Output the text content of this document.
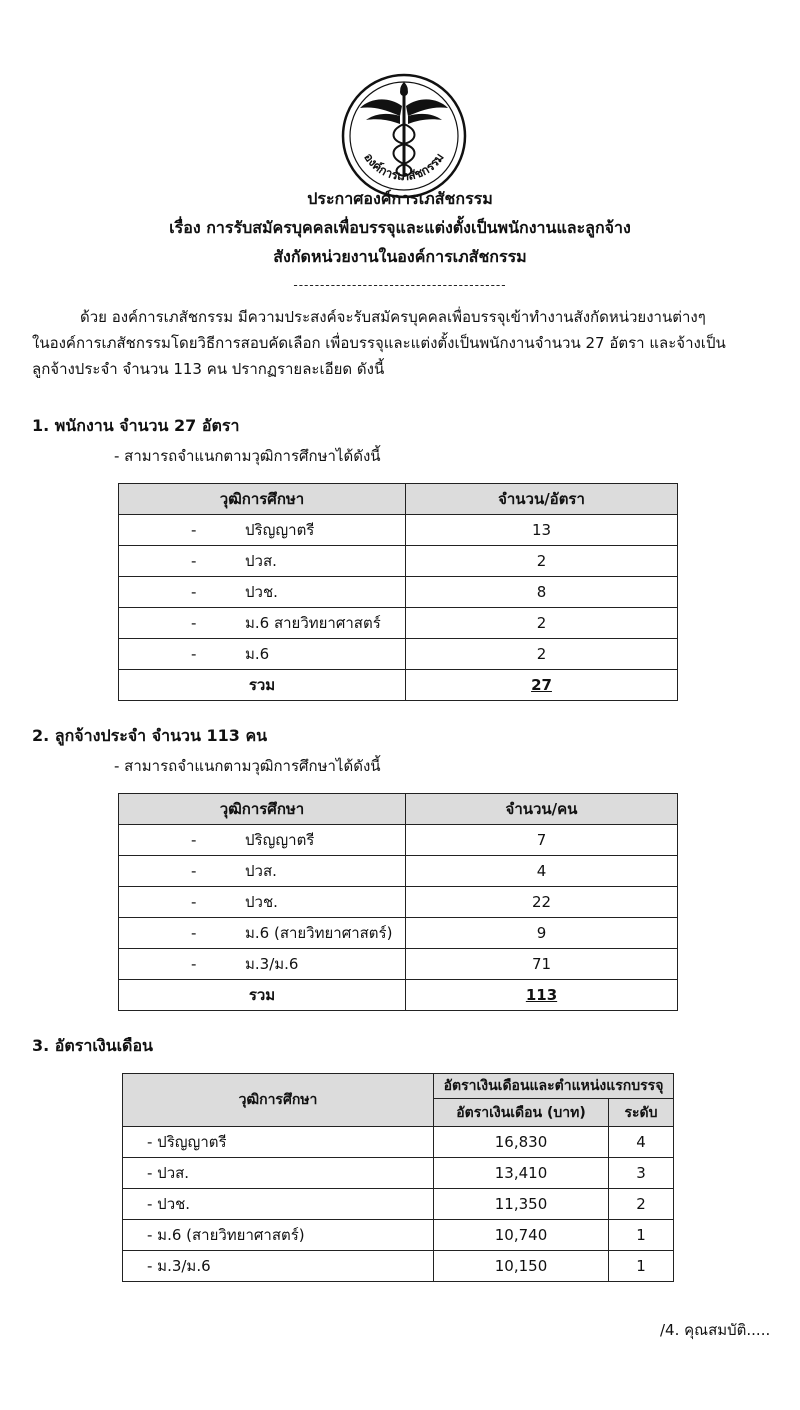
องค์การเภสัชกรรม
ประกาศองค์การเภสัชกรรม
เรื่อง การรับสมัครบุคคลเพื่อบรรจุและแต่งตั้งเป็นพนักงานและลูกจ้าง
สังกัดหน่วยงานในองค์การเภสัชกรรม
----------------------------------------
ด้วย องค์การเภสัชกรรม มีความประสงค์จะรับสมัครบุคคลเพื่อบรรจุเข้าทำงานสังกัดหน่วยงานต่างๆ
ในองค์การเภสัชกรรมโดยวิธีการสอบคัดเลือก เพื่อบรรจุและแต่งตั้งเป็นพนักงานจำนวน 27 อัตรา และจ้างเป็น
ลูกจ้างประจำ จำนวน 113 คน ปรากฏรายละเอียด ดังนี้
1. พนักงาน จำนวน 27 อัตรา
- สามารถจำแนกตามวุฒิการศึกษาได้ดังนี้
วุฒิการศึกษา	จำนวน/อัตรา
- ปริญญาตรี	13
- ปวส.	2
- ปวช.	8
- ม.6 สายวิทยาศาสตร์	2
- ม.6	2
รวม	27
2. ลูกจ้างประจำ จำนวน 113 คน
- สามารถจำแนกตามวุฒิการศึกษาได้ดังนี้
วุฒิการศึกษา	จำนวน/คน
- ปริญญาตรี	7
- ปวส.	4
- ปวช.	22
- ม.6 (สายวิทยาศาสตร์)	9
- ม.3/ม.6	71
รวม	113
3. อัตราเงินเดือน
วุฒิการศึกษา	อัตราเงินเดือนและตำแหน่งแรกบรรจุ	
	อัตราเงินเดือน (บาท)	ระดับ
- ปริญญาตรี	16,830	4
- ปวส.	13,410	3
- ปวช.	11,350	2
- ม.6 (สายวิทยาศาสตร์)	10,740	1
- ม.3/ม.6	10,150	1
/4. คุณสมบัติ.....
